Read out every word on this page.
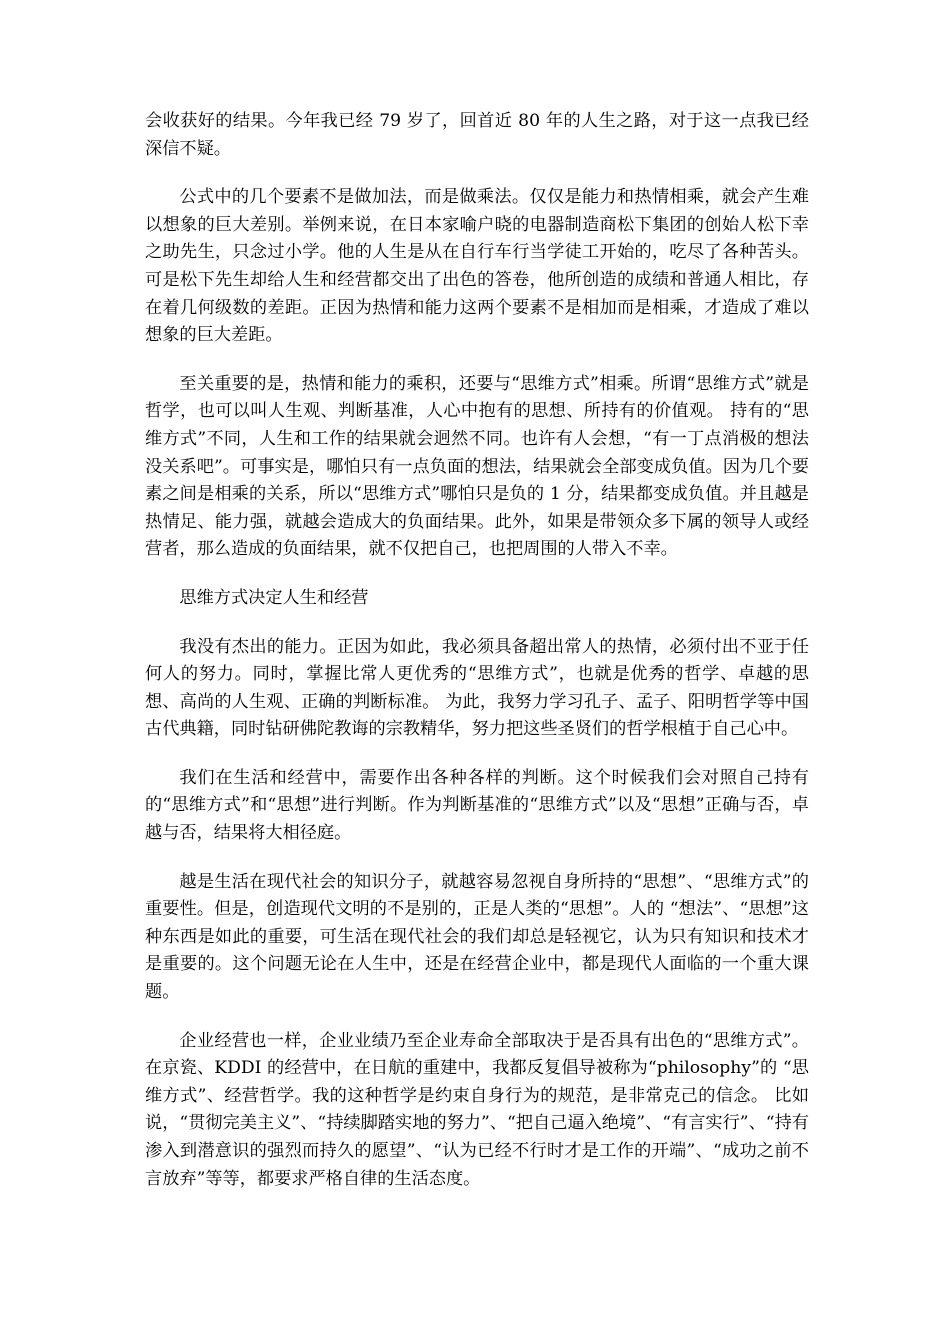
会收获好的结果。今年我已经 79 岁了，回首近 80 年的人生之路，对于这一点我已经深信不疑。

公式中的几个要素不是做加法，而是做乘法。仅仅是能力和热情相乘，就会产生难以想象的巨大差别。举例来说，在日本家喻户晓的电器制造商松下集团的创始人松下幸之助先生，只念过小学。他的人生是从在自行车行当学徒工开始的，吃尽了各种苦头。可是松下先生却给人生和经营都交出了出色的答卷，他所创造的成绩和普通人相比，存在着几何级数的差距。正因为热情和能力这两个要素不是相加而是相乘，才造成了难以想象的巨大差距。

至关重要的是，热情和能力的乘积，还要与“思维方式”相乘。所谓“思维方式”就是哲学，也可以叫人生观、判断基准，人心中抱有的思想、所持有的价值观。 持有的“思维方式”不同，人生和工作的结果就会迥然不同。也许有人会想，“有一丁点消极的想法没关系吧”。可事实是，哪怕只有一点负面的想法，结果就会全部变成负值。因为几个要素之间是相乘的关系，所以“思维方式”哪怕只是负的 1 分，结果都变成负值。并且越是热情足、能力强，就越会造成大的负面结果。此外，如果是带领众多下属的领导人或经营者，那么造成的负面结果，就不仅把自己，也把周围的人带入不幸。

思维方式决定人生和经营

我没有杰出的能力。正因为如此，我必须具备超出常人的热情，必须付出不亚于任何人的努力。同时，掌握比常人更优秀的“思维方式”，也就是优秀的哲学、卓越的思想、高尚的人生观、正确的判断标准。 为此，我努力学习孔子、孟子、阳明哲学等中国古代典籍，同时钻研佛陀教诲的宗教精华，努力把这些圣贤们的哲学根植于自己心中。

我们在生活和经营中，需要作出各种各样的判断。这个时候我们会对照自己持有的“思维方式”和“思想”进行判断。作为判断基准的“思维方式”以及“思想”正确与否，卓越与否，结果将大相径庭。

越是生活在现代社会的知识分子，就越容易忽视自身所持的“思想”、“思维方式”的重要性。但是，创造现代文明的不是别的，正是人类的“思想”。人的 “想法”、“思想”这种东西是如此的重要，可生活在现代社会的我们却总是轻视它，认为只有知识和技术才是重要的。这个问题无论在人生中，还是在经营企业中，都是现代人面临的一个重大课题。

企业经营也一样，企业业绩乃至企业寿命全部取决于是否具有出色的“思维方式”。在京瓷、KDDI 的经营中，在日航的重建中，我都反复倡导被称为“philosophy”的 “思维方式”、经营哲学。我的这种哲学是约束自身行为的规范，是非常克己的信念。 比如说，“贯彻完美主义”、“持续脚踏实地的努力”、“把自己逼入绝境”、“有言实行”、“持有渗入到潜意识的强烈而持久的愿望”、“认为已经不行时才是工作的开端”、“成功之前不言放弃”等等，都要求严格自律的生活态度。
